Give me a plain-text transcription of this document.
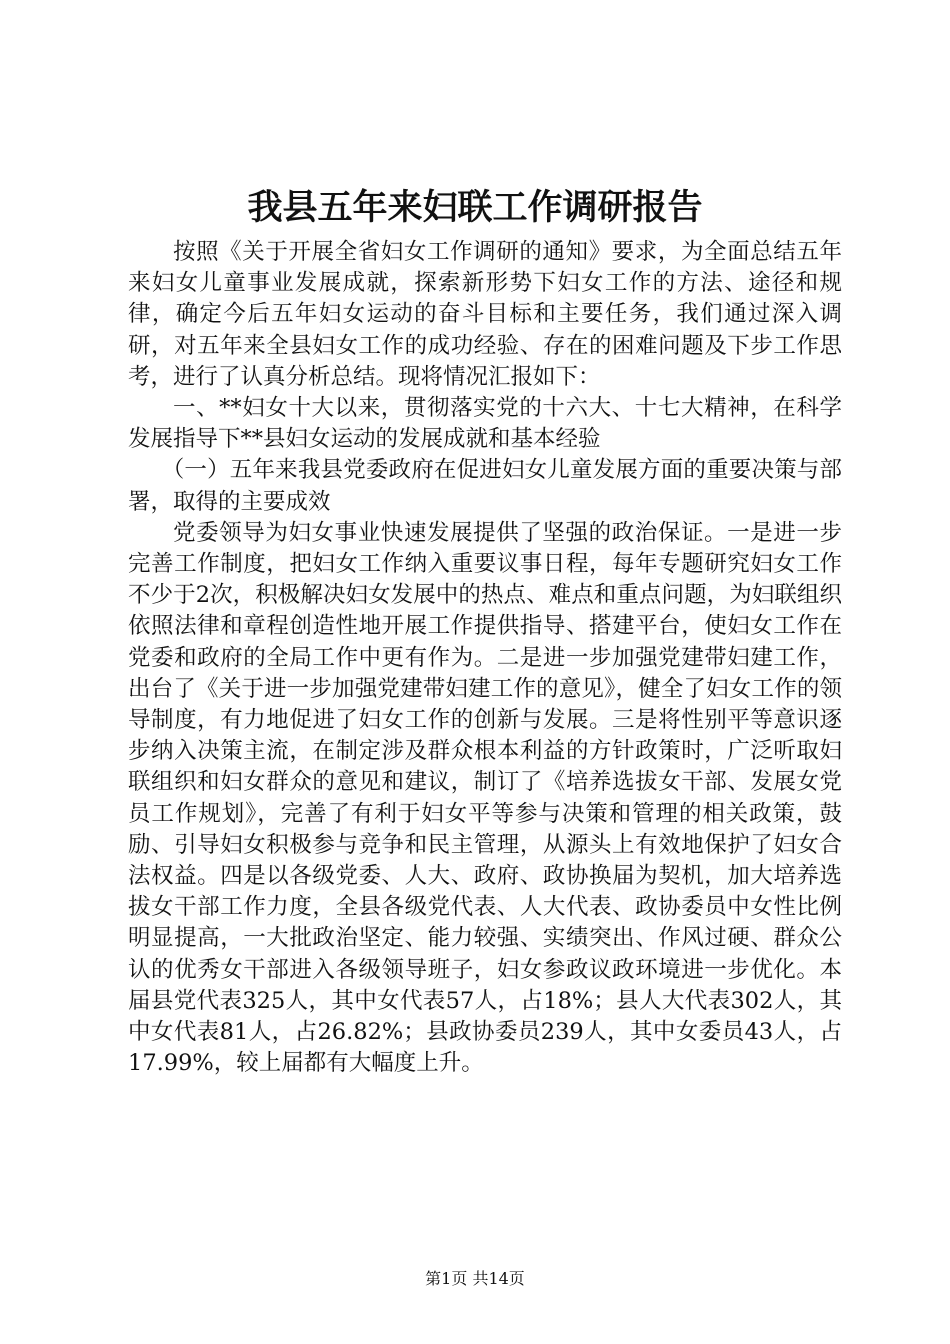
我县五年来妇联工作调研报告

按照《关于开展全省妇女工作调研的通知》要求，为全面总结五年来妇女儿童事业发展成就，探索新形势下妇女工作的方法、途径和规律，确定今后五年妇女运动的奋斗目标和主要任务，我们通过深入调研，对五年来全县妇女工作的成功经验、存在的困难问题及下步工作思考，进行了认真分析总结。现将情况汇报如下：

一、**妇女十大以来，贯彻落实党的十六大、十七大精神，在科学发展指导下**县妇女运动的发展成就和基本经验

（一）五年来我县党委政府在促进妇女儿童发展方面的重要决策与部署，取得的主要成效

党委领导为妇女事业快速发展提供了坚强的政治保证。一是进一步完善工作制度，把妇女工作纳入重要议事日程，每年专题研究妇女工作不少于2次，积极解决妇女发展中的热点、难点和重点问题，为妇联组织依照法律和章程创造性地开展工作提供指导、搭建平台，使妇女工作在党委和政府的全局工作中更有作为。二是进一步加强党建带妇建工作，出台了《关于进一步加强党建带妇建工作的意见》，健全了妇女工作的领导制度，有力地促进了妇女工作的创新与发展。三是将性别平等意识逐步纳入决策主流，在制定涉及群众根本利益的方针政策时，广泛听取妇联组织和妇女群众的意见和建议，制订了《培养选拔女干部、发展女党员工作规划》，完善了有利于妇女平等参与决策和管理的相关政策，鼓励、引导妇女积极参与竞争和民主管理，从源头上有效地保护了妇女合法权益。四是以各级党委、人大、政府、政协换届为契机，加大培养选拔女干部工作力度，全县各级党代表、人大代表、政协委员中女性比例明显提高，一大批政治坚定、能力较强、实绩突出、作风过硬、群众公认的优秀女干部进入各级领导班子，妇女参政议政环境进一步优化。本届县党代表325人，其中女代表57人，占18%；县人大代表302人，其中女代表81人，占26.82%；县政协委员239人，其中女委员43人，占17.99%，较上届都有大幅度上升。

第1页 共14页
